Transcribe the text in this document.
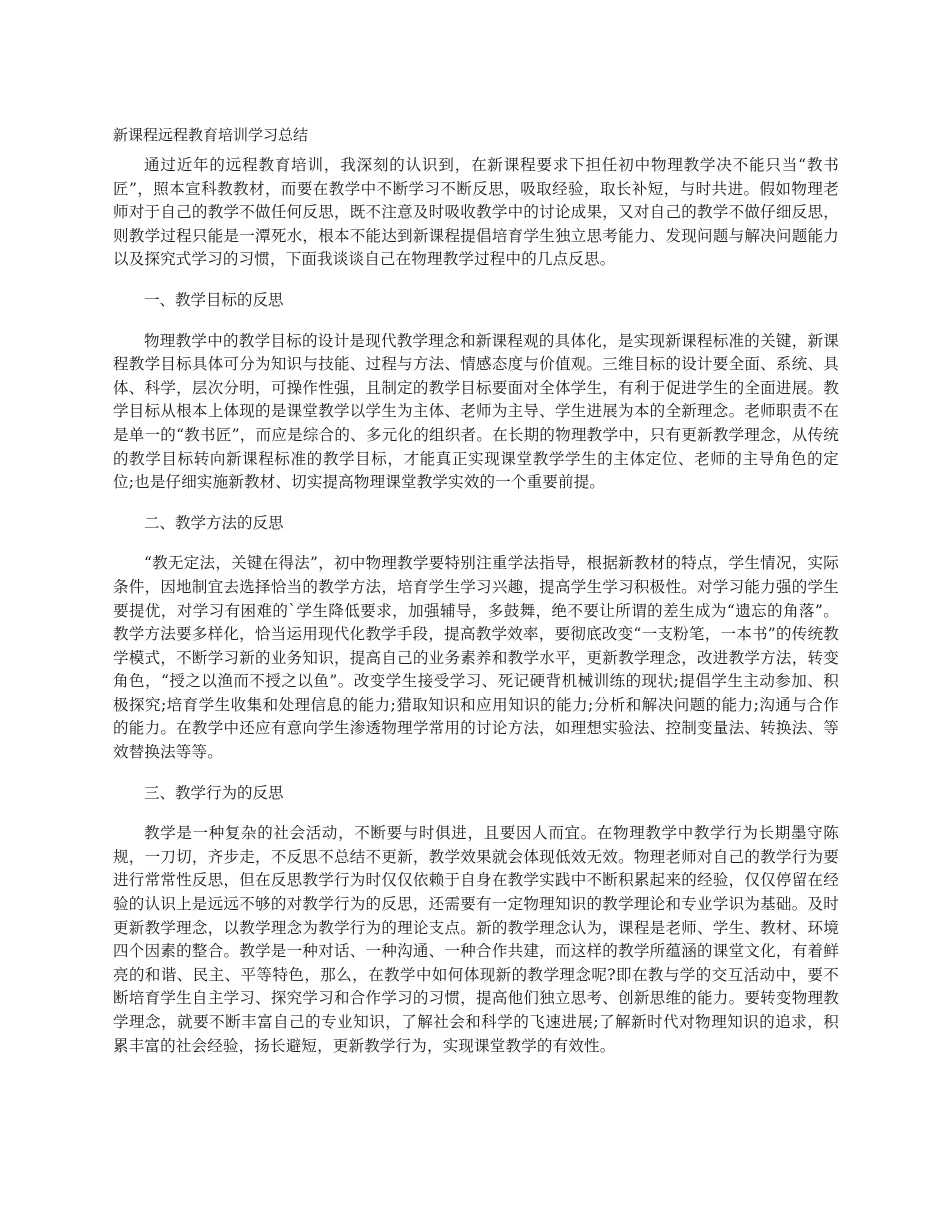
新课程远程教育培训学习总结

通过近年的远程教育培训，我深刻的认识到，在新课程要求下担任初中物理教学决不能只当“教书匠”，照本宣科教教材，而要在教学中不断学习不断反思，吸取经验，取长补短，与时共进。假如物理老师对于自己的教学不做任何反思，既不注意及时吸收教学中的讨论成果，又对自己的教学不做仔细反思，则教学过程只能是一潭死水，根本不能达到新课程提倡培育学生独立思考能力、发现问题与解决问题能力以及探究式学习的习惯，下面我谈谈自己在物理教学过程中的几点反思。

一、教学目标的反思

物理教学中的教学目标的设计是现代教学理念和新课程观的具体化，是实现新课程标准的关键，新课程教学目标具体可分为知识与技能、过程与方法、情感态度与价值观。三维目标的设计要全面、系统、具体、科学，层次分明，可操作性强，且制定的教学目标要面对全体学生，有利于促进学生的全面进展。教学目标从根本上体现的是课堂教学以学生为主体、老师为主导、学生进展为本的全新理念。老师职责不在是单一的“教书匠”，而应是综合的、多元化的组织者。在长期的物理教学中，只有更新教学理念，从传统的教学目标转向新课程标准的教学目标，才能真正实现课堂教学学生的主体定位、老师的主导角色的定位;也是仔细实施新教材、切实提高物理课堂教学实效的一个重要前提。

二、教学方法的反思

“教无定法，关键在得法”，初中物理教学要特别注重学法指导，根据新教材的特点，学生情况，实际条件，因地制宜去选择恰当的教学方法，培育学生学习兴趣，提高学生学习积极性。对学习能力强的学生要提优，对学习有困难的`学生降低要求，加强辅导，多鼓舞，绝不要让所谓的差生成为“遗忘的角落”。教学方法要多样化，恰当运用现代化教学手段，提高教学效率，要彻底改变“一支粉笔，一本书”的传统教学模式，不断学习新的业务知识，提高自己的业务素养和教学水平，更新教学理念，改进教学方法，转变角色，“授之以渔而不授之以鱼”。改变学生接受学习、死记硬背机械训练的现状;提倡学生主动参加、积极探究;培育学生收集和处理信息的能力;猎取知识和应用知识的能力;分析和解决问题的能力;沟通与合作的能力。在教学中还应有意向学生渗透物理学常用的讨论方法，如理想实验法、控制变量法、转换法、等效替换法等等。

三、教学行为的反思

教学是一种复杂的社会活动，不断要与时俱进，且要因人而宜。在物理教学中教学行为长期墨守陈规，一刀切，齐步走，不反思不总结不更新，教学效果就会体现低效无效。物理老师对自己的教学行为要进行常常性反思，但在反思教学行为时仅仅依赖于自身在教学实践中不断积累起来的经验，仅仅停留在经验的认识上是远远不够的对教学行为的反思，还需要有一定物理知识的教学理论和专业学识为基础。及时更新教学理念，以教学理念为教学行为的理论支点。新的教学理念认为，课程是老师、学生、教材、环境四个因素的整合。教学是一种对话、一种沟通、一种合作共建，而这样的教学所蕴涵的课堂文化，有着鲜亮的和谐、民主、平等特色，那么，在教学中如何体现新的教学理念呢?即在教与学的交互活动中，要不断培育学生自主学习、探究学习和合作学习的习惯，提高他们独立思考、创新思维的能力。要转变物理教学理念，就要不断丰富自己的专业知识，了解社会和科学的飞速进展;了解新时代对物理知识的追求，积累丰富的社会经验，扬长避短，更新教学行为，实现课堂教学的有效性。
